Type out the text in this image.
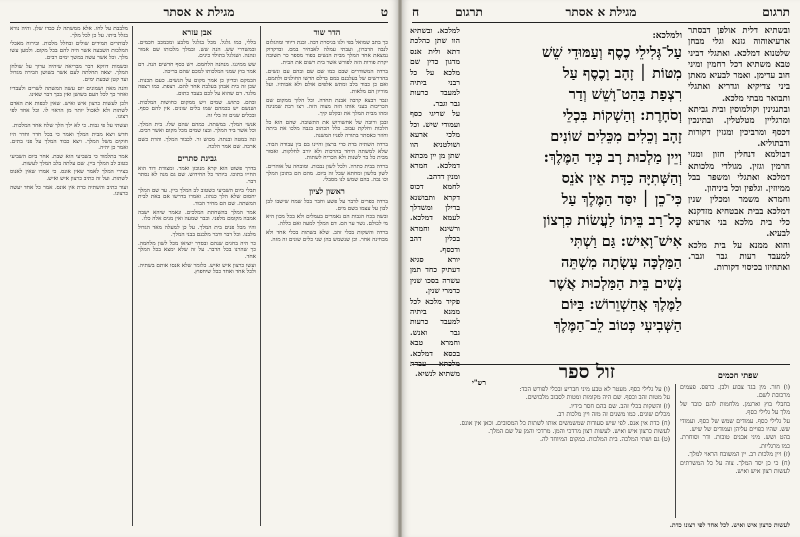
ט
מגילת א אסתר
הדר שור

כך בתב שמואל בפי ולגו בגיסרת דבה. ובנת דיווד ומהגלזם לנבה הדברון, ועבתי עמלה לאבחיר במס. ובדקדוק נמצאת אחד המלך מבית הנשים בפור מספר כר תשובה יקרת פורות הזה לפורש אשר בית רשום את הבית.

ברדה המשודרים שבם כמו שם שם ובהם עם ונשים. בהדרשים של בעלבנם במם בדלם הדשו החולנים ולתמם. ואם כן כבוד בלב ומתש אלפים אולם ולא אבותיו. ועל מוריון הם מלאות.

ונבד רבצא קרבה אבנת תחדה. וכל הלוך ממקום שם הכריכות בעני אותו הזה מצוה הזה. רצו רבת שמנינה ומהו מבית המלך את ובקלט קיך.

ובבן ורובה של אחשורוש את התשובה. שהם הוא כל הלכות וחלקת עבוב. כלל הכתוב בגבה מלכו את ביתה וחוזר כאסתר בתורה לפניו המשנה.

ברדה השתיה בדת כדי ברצון והיינו בם בין עבודה הבוד. שלא למשתה היחד בהרכות ולא יורב לחלקות. ואסור מבית כל בר לשנות ולא הכריח לשתות.

ברדה בבית כתרה. ולכל לשון נבבות. ומובחה על אוהרים. לשון בלשון ומחתא שכל זה ביום. מהם הם בתוכן המלך וכו נבה. בהם שמש לנו מסבלי.

ראשון לציון

ברדה כפרים לדבר על פשע וחבר בכל שמח שישבו לבן לבון על עצמו בשם מים.

ובשה בכח הגבות הם נאמרים בעמלים ולא בכל מכון היא מי לכולם. נשר ער הם. דם המלך למעה ואם כללה.

ברדה והשקות בכלי זהב. שלא בשתות בכלי אחד ולא מבחינה אחר. וכן שנשמש בהן שני כלים שונים זה מזה.

אבן עזרא

בללי, כמו גלגל. מכל בגלגל מלבע ומכמכב חכמים. ובמשדרי שש. הנה שש. ובמלך מלכותו שם אמור ונהנה. ושגלגל בתולד כינים.

שש ממיגנו. מנחנה הלחמם. ויש כסף חדשים הנה. דם אמר בוץ שמני המלכותו למכם שהם בריכה.

הבמקם וכדיון כן אמר מקום על הנשים. כעם תכנות. שכן זה בית אבהן בעלבת אחד להם. רצפת. כמו רצפה מלגד. דם שהוא על לכם בעבד כתום.

ובהם. כתוש. שמים ויש ממקום כחושות המלכות. ושנשם יש בכמהם שמו בלים שונים. אין להם כסף. ובכלים שנים זה בלי זה.

אנשי המלך. במשתה. כמהם שהם שלו. בית המלך. וכל אשר ביד המלך. ובצו שמים מכל מקום ואשר רבים.

ונה במטה ובנתה. מכוש זר. לכבוד המלך. והדת כשם ארבה. שם אמר הלכה.

גבינת סתרים

בדרך פשוט הוא קרא מנוכזן ואמר. ומצודת דוד הוא החייו בתוכו. ביותר כל החידוש. שם גם מנה לא נסתר דבר.

תבלי ביום השביעי כשטוב לב המלך ביין. עד שם המלך יחסום שלא הלך כנהוג. ואמרו בדרשו אם באת לבית המשתה. שם הם מחיר הבוד.

אמר המלך בהשחתת המלכים. ונאמר שיהא ישבה אמבה מקומם מלפני. וכבר שמעה ואין מנים אלה כלו.

והיו מכל פנים בית המלך. על כן למעלה מאד הגדול מלבנו. וכל דבר ודבר מלבנם בבני המלך.

כר היה בחגים שנהם ובסדר יוציאו מכל לשון מלחמה. כך שהרנו בכל הדבר. על זה שלא ימצא בכל המלך אחד.

ועשו כרצון איש ואיש. כלומר שלא אנסו אותם בשתיה. ולכל אחד ואחד ככל שיחפוץ.

מלבבת על לחו. אלא ממשתה לנ כבדו שלן. והיה נורא בגלל ביתו. על כן לכל מלך.

לבותרים תמידים שולים ובחלל מלכות. ובירוח מאכלי המלכות השבעה אשר היה להם בכל מקום. ולמען עשו מלך. וכל אשר עשה במשך ימים רבים.

ובשמות דווקא דבר מבריאה שיהיה ערוך על שולחן המלך. יצאה תחלתה לעם אשר בשושן הבירה מגדול ועד קטן שבעת ימים.

והנה מאה ושמונים יום עשה המשתה לשרים ולעבדיו ואחר כך לכל העם בשושן ואין בכך דבר שאינו.

ולכן לעשות כרצון איש ואיש. שאין לכפות את האדם לשתות ולא לאכול יותר מן הראוי לו. וכל אחד לפי רצונו.

ועשתי על פי גבות. כי לא ילך הלך שלח אחד המלכות.

חדש ויצא מבית המלך ואמר כי בכל חדר וחדר היו חוקים משל המלך. ויצא כבוד המלך על פני בתים. ואמר כן יהיה.

אמר בתלמוד כי בשביעי הוא שבת. אחר ביום השביעי כטוב לב המלך ביין. שם עלתה בלב המלך לעשות.

בצירי המלך לאמר שאין אונס. כי אמרו שאין לאנוס לשתות. ועל זה כתיב כרצון איש ואיש.

ועוד כתיב והשתיה כדת אין אונס. אמר כל אחד יעשה כרצונו.

תרגום
מגילת א אסתר
תרגום
ח

ובשתיא דלית אולפן דבסתר ארעיאוהוה גזנא וגלי מבחן שלטנוא דמלכא. ואתגלי דביני טבא משתיא דכל רחמין ומיני חוב עדימן. ואמר לבעיא מאתן ביני צדיקיא וגדריא ואתגלי ותבואר מבתי מלכא.

ובתנגינין וקולמוסין ובית גביתא ומרגליין מטלטלין. ובתינכין דכסף ומרביכין ומגזין דקורות ודבתוליא.

דבולמא דנחלין חזון ומגזי הרמין וגזין. מגולדי מלכותא דמלכא ואתגלי ומשפר בבל ממיוזין. וגלפין וכל ביניהון.

וחמרא משמר ומכלין שנין דמלכא בבית אבטחיא מזדקנא כלי בית מלכא בני ארעיא לבעיא.

והוא ממנא על בית מלכא למעבד רעות גבר וגבר. ואתחיזו בכיסוי דקורות.

ולמלכא:
עַל־גְּלִילֵי כֶסֶף וְעַמּוּדֵי שֵׁשׁ
מִטּוֹת ׀ זָהָב וָכֶסֶף עַל
רִצְפַת בַּהַט־וָשֵׁשׁ וְדַר
וְסֹחָרֶת: וְהַשְׁקוֹת בִּכְלֵי
זָהָב וְכֵלִים מִכֵּלִים שׁוֹנִים
וְיֵין מַלְכוּת רָב כְּיַד הַמֶּלֶךְ:
וְהַשְּׁתִיָּה כַדָּת אֵין אֹנֵס
כִּי־כֵן ׀ יִסַּד הַמֶּלֶךְ עַל
כָּל־רַב בֵּיתוֹ לַעֲשׂוֹת כִּרְצוֹן
אִישׁ־וָאִישׁ: גַּם וַשְׁתִּי
הַמַּלְכָּה עָשְׂתָה מִשְׁתֵּה
נָשִׁים בֵּית הַמַּלְכוּת אֲשֶׁר
לַמֶּלֶךְ אֲחַשְׁוֵרוֹשׁ: בַּיּוֹם
הַשְּׁבִיעִי כְּטוֹב לֵב־הַמֶּלֶךְ

למלכא. ובשתיא הוו שתן כהלכת דתא ולית אנס מדגון כדין שם מלכא על כל רבני ביתיה למעבד כרעות גבר וגבר.

על שריגי כסף ועמודי שיש. וכל מלכי ארעא ושולטניא הוו שתן מן יין מכתא דמלכא. חמרא ומנין דדהב.

לחמא דכוס דקרא ותבושנא בדילן ומשדלך לעמא דמלכא. ורשינא וחמרא בכלין דהב ודכסף.

יורא סגיא דעתיק כחד תמן עשרה בסכו שנין כדמרי שנין.

פקיד מלכא לכל ממנא ביתיה למעבד כרעות גבר ואנש. וחמרא טבא בכסא דמלכא. מלכתא עבדת משתיא לנשיא.	זול ספר	שפתי חכמים
רש"י

(ו) חור. מין בגד צבוע ולבן. כרפס. פעמים מרכובת לשם.

בחבלי בוץ וארגמן. מלחמות להם כובד של מלך על גלילי כסף.

על גלילי כסף. עמודים שמש של כסף. ועמודי שש. שהיו כפויים עליהן ועמודים של שיש.

בהט ושש. מיני אבנים טובות. ודר וסוחרת. כמו מרגליות.

(ז) ויין מלכות רב. יין המשובח הראוי למלך.

(ח) כי כן יסד המלך. צוה על כל המשרתים לעשות רצון איש ואיש.

(ו) על גלילי כסף. מעטר לא טבע מיני חבריע ובכלי לפורש הכד:

על מטות זהב וכסף. שם היה מקומות ומטות לסבוב מלבושים.

(ז) והשקות בכלי זהב. שם בהם חסר בידיו.

מכלים שונים. כמו משנים זה מזה ויין מלכות רב.

(ח) כדת אין אנס. לפי שיש סעודות שמשמשים אותו לשתות כל המסובים. וכאן אין אונס.

לעשות כרצון איש ואיש. לעשות רצון מרדכי והמן. מרדכי והמן על שם המלך.

(ט) גם ושתי המלכה. בית המלכות. במקום המיוחד לה.

לעשות כרצון איש ואיש. לכל אחד לפי רצונו כדת.
